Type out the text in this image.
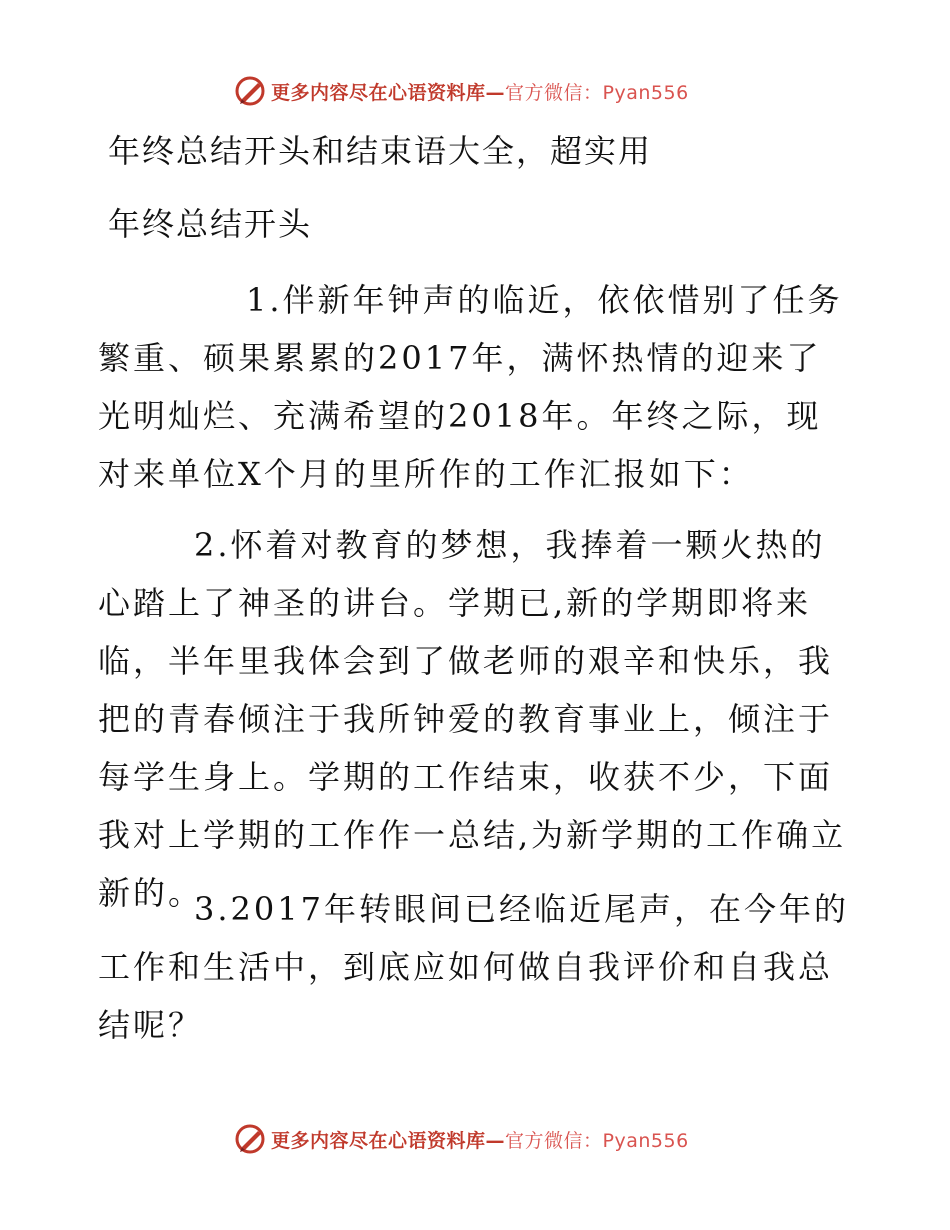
更多内容尽在心语资料库—官方微信：Pyan556
年终总结开头和结束语大全，超实用
年终总结开头

1.伴新年钟声的临近，依依惜别了任务繁重、硕果累累的2017年，满怀热情的迎来了光明灿烂、充满希望的2018年。年终之际，现对来单位X个月的里所作的工作汇报如下：

2.怀着对教育的梦想，我捧着一颗火热的心踏上了神圣的讲台。学期已,新的学期即将来临，半年里我体会到了做老师的艰辛和快乐，我把的青春倾注于我所钟爱的教育事业上，倾注于每学生身上。学期的工作结束，收获不少，下面我对上学期的工作作一总结,为新学期的工作确立新的。

3.2017年转眼间已经临近尾声，在今年的工作和生活中，到底应如何做自我评价和自我总结呢？

更多内容尽在心语资料库—官方微信：Pyan556
